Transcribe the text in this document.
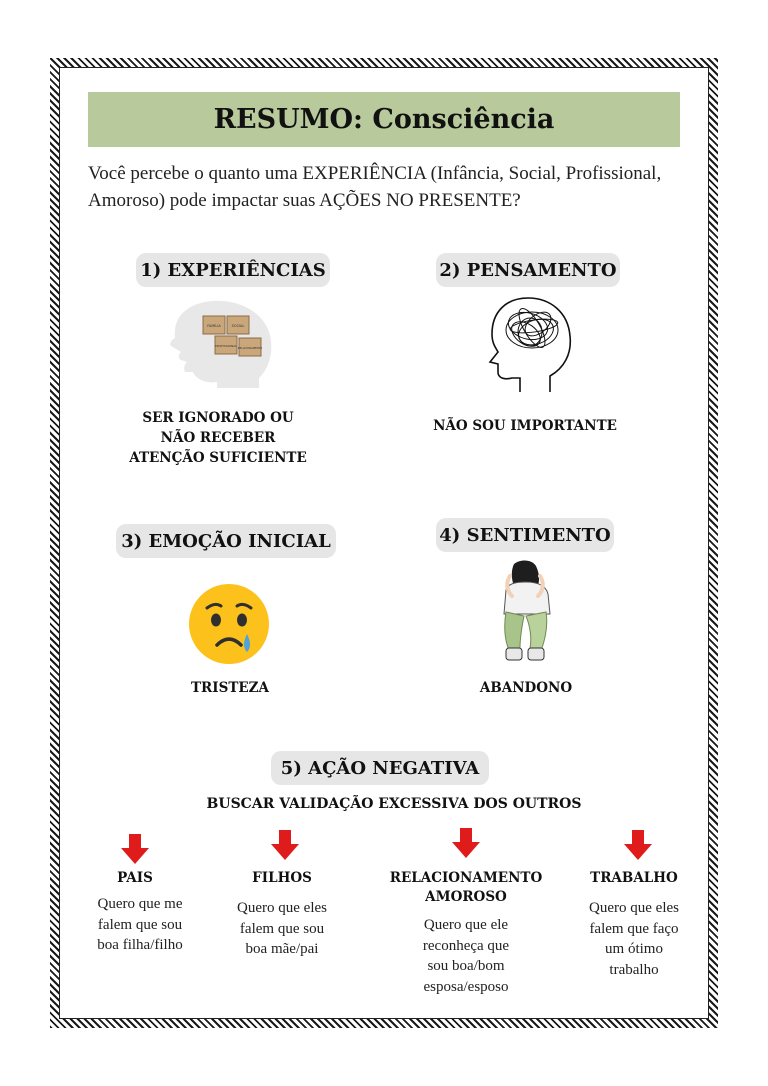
RESUMO: Consciência
Você percebe o quanto uma EXPERIÊNCIA (Infância, Social, Profissional, Amoroso) pode impactar suas AÇÕES NO PRESENTE?
1) EXPERIÊNCIAS
FAMÍLIA	SOCIAL
PROFISSIONAL
RELACIONAMENTO
SER IGNORADO OU
NÃO RECEBER
ATENÇÃO SUFICIENTE
2) PENSAMENTO
NÃO SOU IMPORTANTE
3) EMOÇÃO INICIAL
TRISTEZA
4) SENTIMENTO
ABANDONO
5) AÇÃO NEGATIVA
BUSCAR VALIDAÇÃO EXCESSIVA DOS OUTROS
PAIS
Quero que me
falem que sou
boa filha/filho
FILHOS
Quero que eles
falem que sou
boa mãe/pai
RELACIONAMENTO
AMOROSO
Quero que ele
reconheça que
sou boa/bom
esposa/esposo
TRABALHO
Quero que eles
falem que faço
um ótimo
trabalho
